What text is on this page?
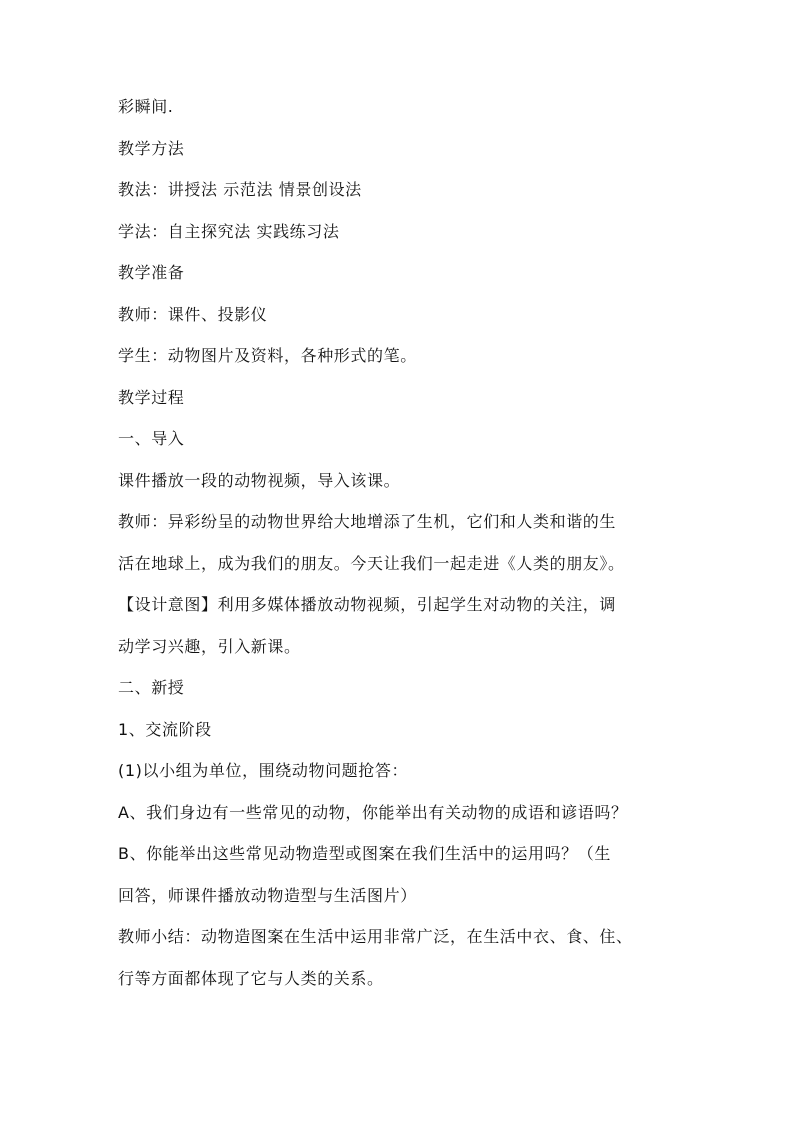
彩瞬间.
教学方法
教法：讲授法 示范法 情景创设法
学法：自主探究法 实践练习法
教学准备
教师：课件、投影仪
学生：动物图片及资料，各种形式的笔。
教学过程
一、导入
课件播放一段的动物视频，导入该课。
教师：异彩纷呈的动物世界给大地增添了生机，它们和人类和谐的生
活在地球上，成为我们的朋友。今天让我们一起走进《人类的朋友》。
【设计意图】利用多媒体播放动物视频，引起学生对动物的关注，调
动学习兴趣，引入新课。
二、新授
1、交流阶段
(1)以小组为单位，围绕动物问题抢答：
A、我们身边有一些常见的动物，你能举出有关动物的成语和谚语吗？
B、你能举出这些常见动物造型或图案在我们生活中的运用吗？（生
回答，师课件播放动物造型与生活图片）
教师小结：动物造图案在生活中运用非常广泛，在生活中衣、食、住、
行等方面都体现了它与人类的关系。
